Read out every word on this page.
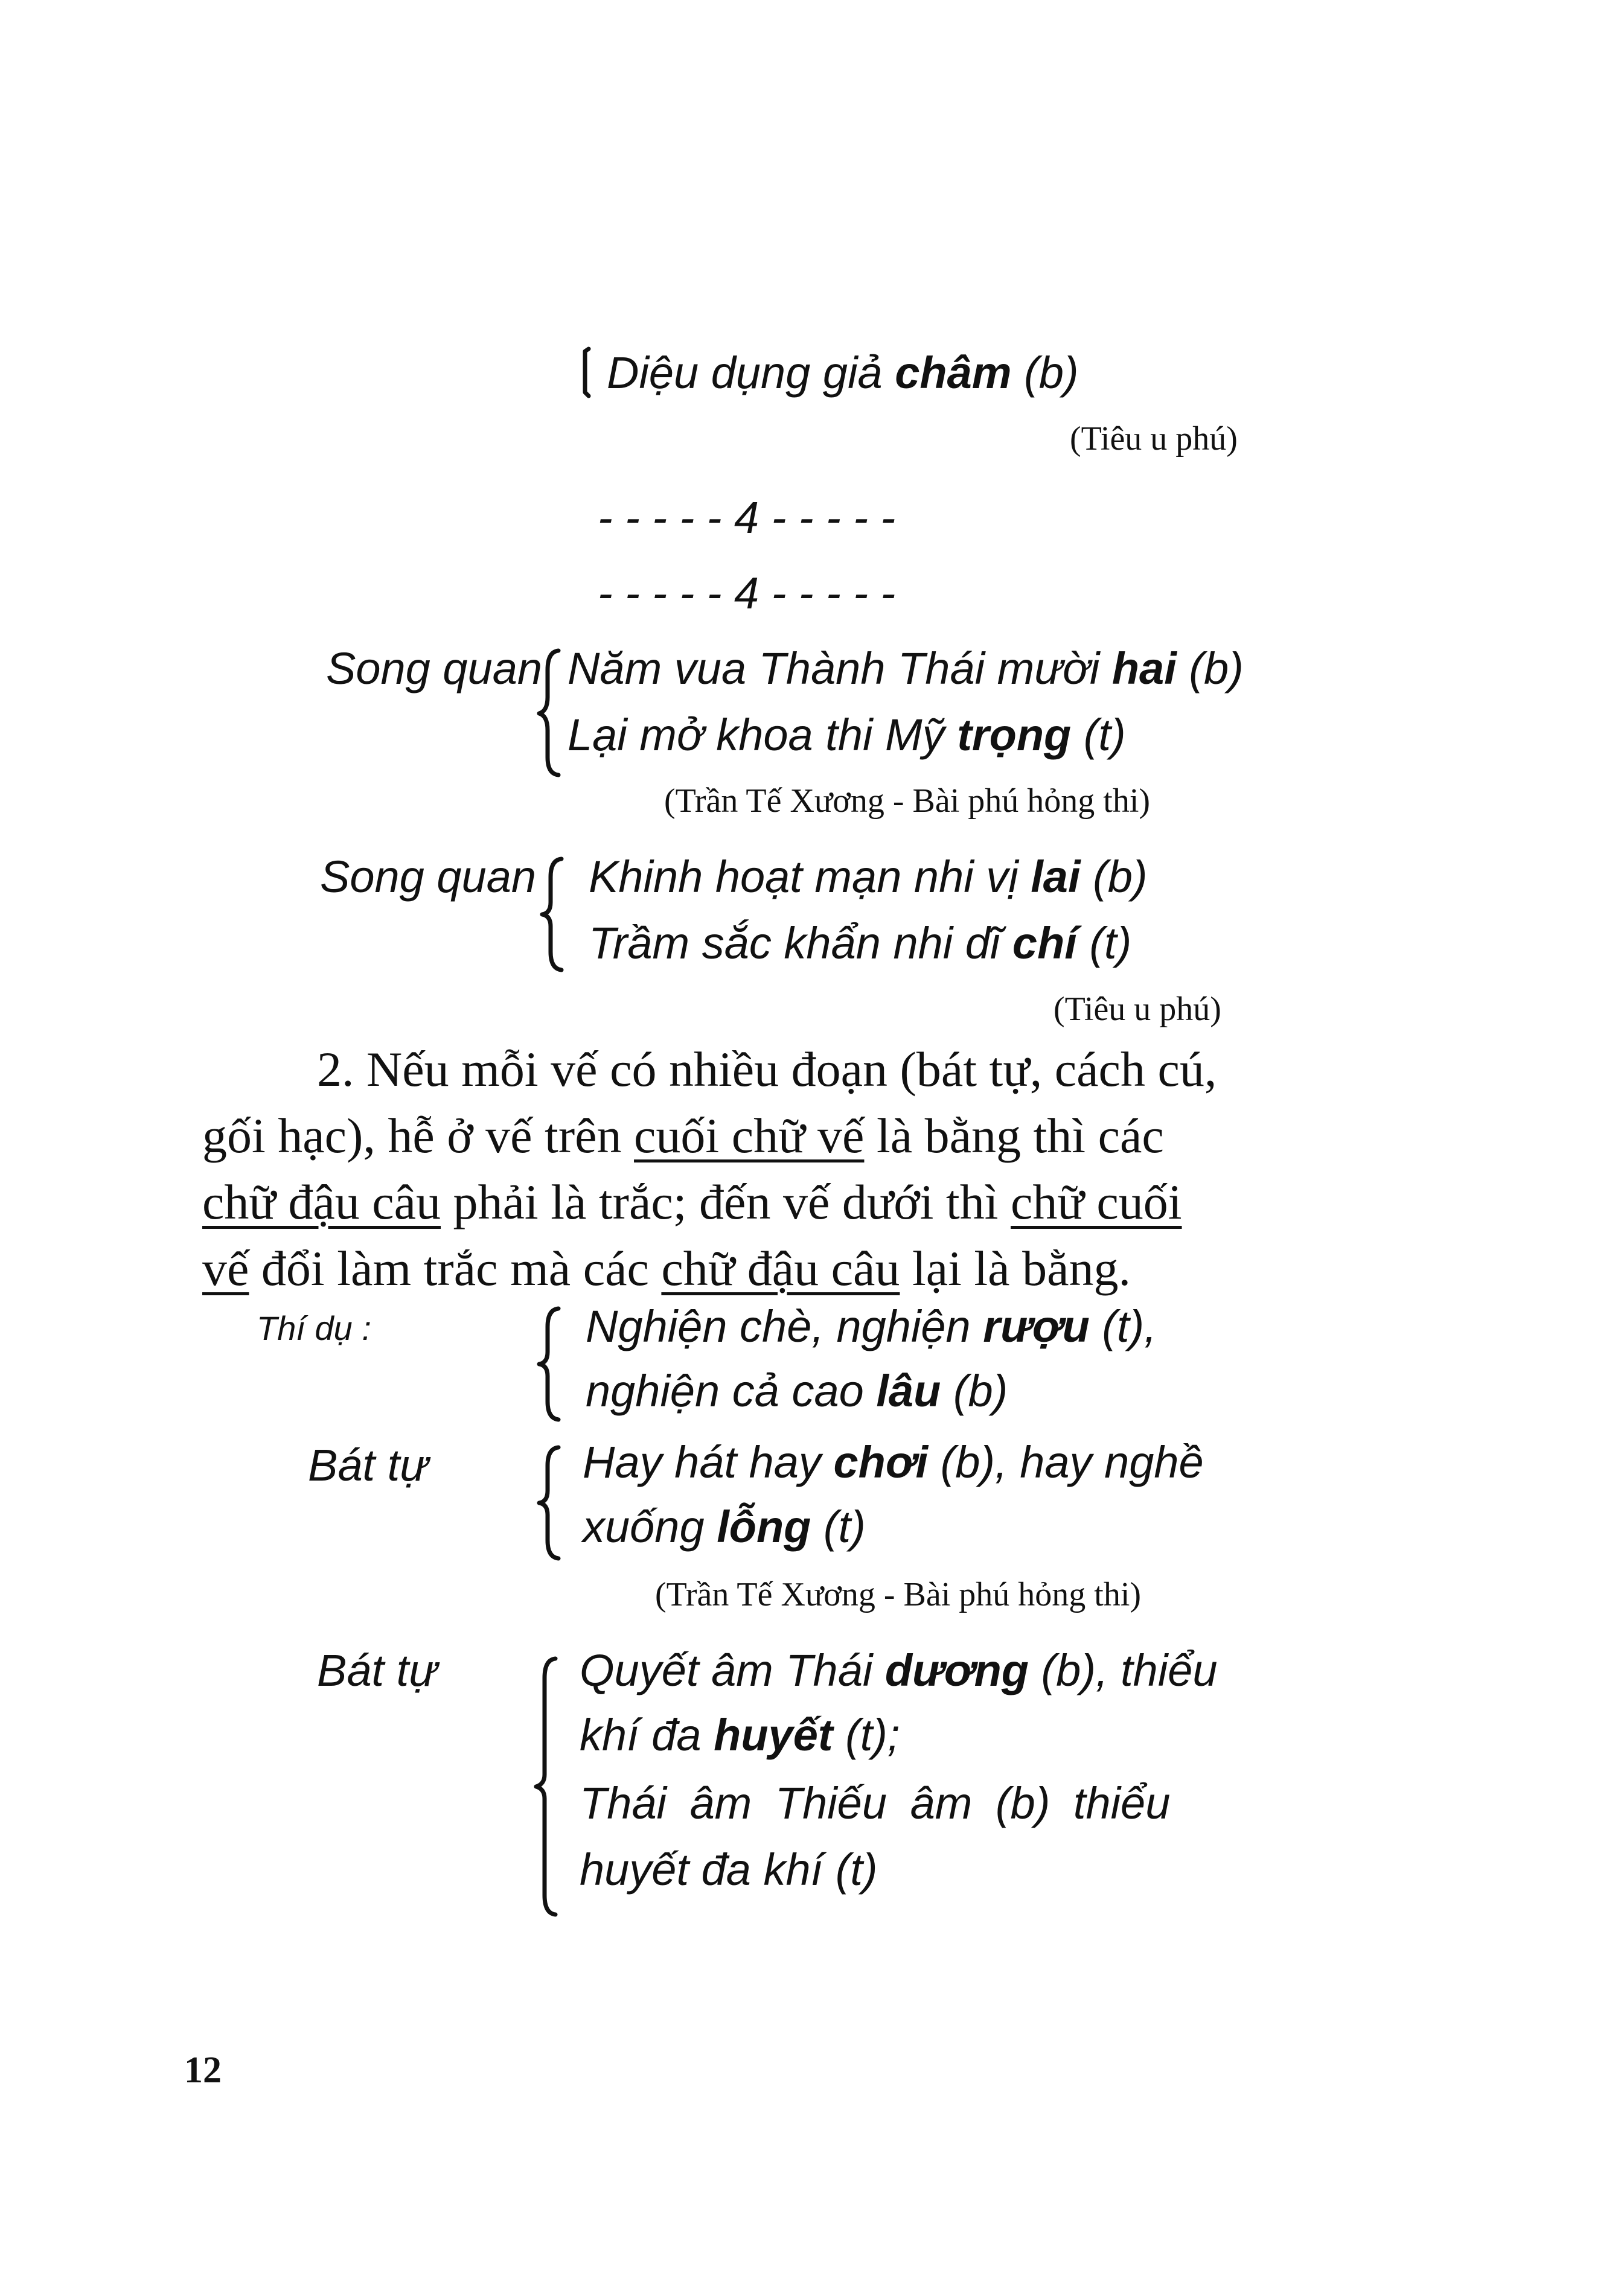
Diệu dụng giả châm (b)
(Tiêu u phú)
- - - - - 4 - - - - -
- - - - - 4 - - - - -
Song quan Năm vua Thành Thái mười hai (b)
Lại mở khoa thi Mỹ trọng (t)
(Trần Tế Xương - Bài phú hỏng thi)
Song quan Khinh hoạt mạn nhi vị lai (b)
Trầm sắc khẩn nhi dĩ chí (t)
(Tiêu u phú)
2. Nếu mỗi vế có nhiều đoạn (bát tự, cách cú,
gối hạc), hễ ở vế trên cuối chữ vế là bằng thì các
chữ đậu câu phải là trắc; đến vế dưới thì chữ cuối
vế đổi làm trắc mà các chữ đậu câu lại là bằng.
Thí dụ :	Nghiện chè, nghiện rượu (t),
nghiện cả cao lâu (b)
Bát tự	Hay hát hay chơi (b), hay nghề
xuống lỗng (t)
(Trần Tế Xương - Bài phú hỏng thi)
Bát tự	Quyết âm Thái dương (b), thiểu
khí đa huyết (t);
Thái âm Thiếu âm (b) thiểu
huyết đa khí (t)
12
